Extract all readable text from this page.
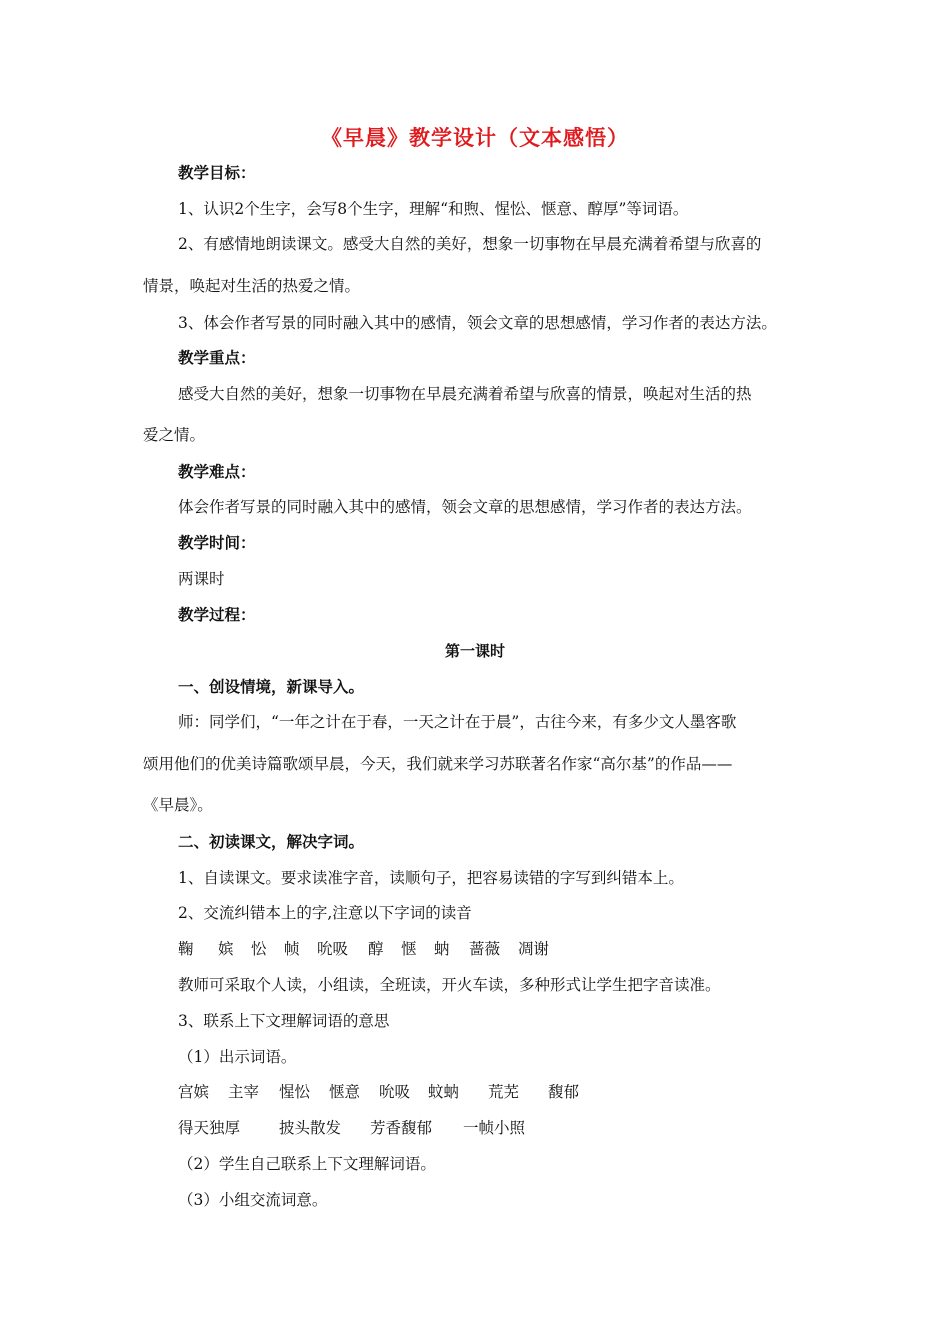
《早晨》教学设计（文本感悟）
教学目标：
1、认识2个生字，会写8个生字，理解“和煦、惺忪、惬意、醇厚”等词语。
2、有感情地朗读课文。感受大自然的美好，想象一切事物在早晨充满着希望与欣喜的
情景，唤起对生活的热爱之情。
3、体会作者写景的同时融入其中的感情，领会文章的思想感情，学习作者的表达方法。
教学重点：
感受大自然的美好，想象一切事物在早晨充满着希望与欣喜的情景，唤起对生活的热
爱之情。
教学难点：
体会作者写景的同时融入其中的感情，领会文章的思想感情，学习作者的表达方法。
教学时间：
两课时
教学过程：
第一课时
一、创设情境，新课导入。
师：同学们，“一年之计在于春，一天之计在于晨”，古往今来，有多少文人墨客歌
颂用他们的优美诗篇歌颂早晨，今天，我们就来学习苏联著名作家“高尔基”的作品——
《早晨》。
二、初读课文，解决字词。
1、自读课文。要求读准字音，读顺句子，把容易读错的字写到纠错本上。
2、交流纠错本上的字,注意以下字词的读音
鞠 嫔 忪 帧 吮吸 醇 惬 蚋 蔷薇 凋谢
教师可采取个人读，小组读，全班读，开火车读，多种形式让学生把字音读准。
3、联系上下文理解词语的意思
（1）出示词语。
宫嫔 主宰 惺忪 惬意 吮吸 蚊蚋 荒芜 馥郁
得天独厚	披头散发 芳香馥郁 一帧小照
（2）学生自己联系上下文理解词语。
（3）小组交流词意。
